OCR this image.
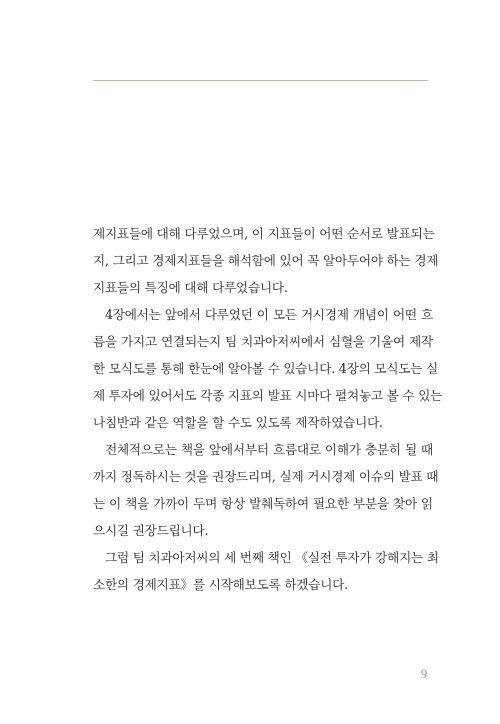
제지표들에 대해 다루었으며, 이 지표들이 어떤 순서로 발표되는
지, 그리고 경제지표들을 해석함에 있어 꼭 알아두어야 하는 경제
지표들의 특징에 대해 다루었습니다.
4장에서는 앞에서 다루었던 이 모든 거시경제 개념이 어떤 흐
름을 가지고 연결되는지 팀 치과아저씨에서 심혈을 기울여 제작
한 모식도를 통해 한눈에 알아볼 수 있습니다. 4장의 모식도는 실
제 투자에 있어서도 각종 지표의 발표 시마다 펼쳐놓고 볼 수 있는
나침반과 같은 역할을 할 수도 있도록 제작하였습니다.
전체적으로는 책을 앞에서부터 흐름대로 이해가 충분히 될 때
까지 정독하시는 것을 권장드리며, 실제 거시경제 이슈의 발표 때
는 이 책을 가까이 두며 항상 발췌독하여 필요한 부분을 찾아 읽
으시길 권장드립니다.
그럼 팀 치과아저씨의 세 번째 책인 《실전 투자가 강해지는 최
소한의 경제지표》를 시작해보도록 하겠습니다.
9
